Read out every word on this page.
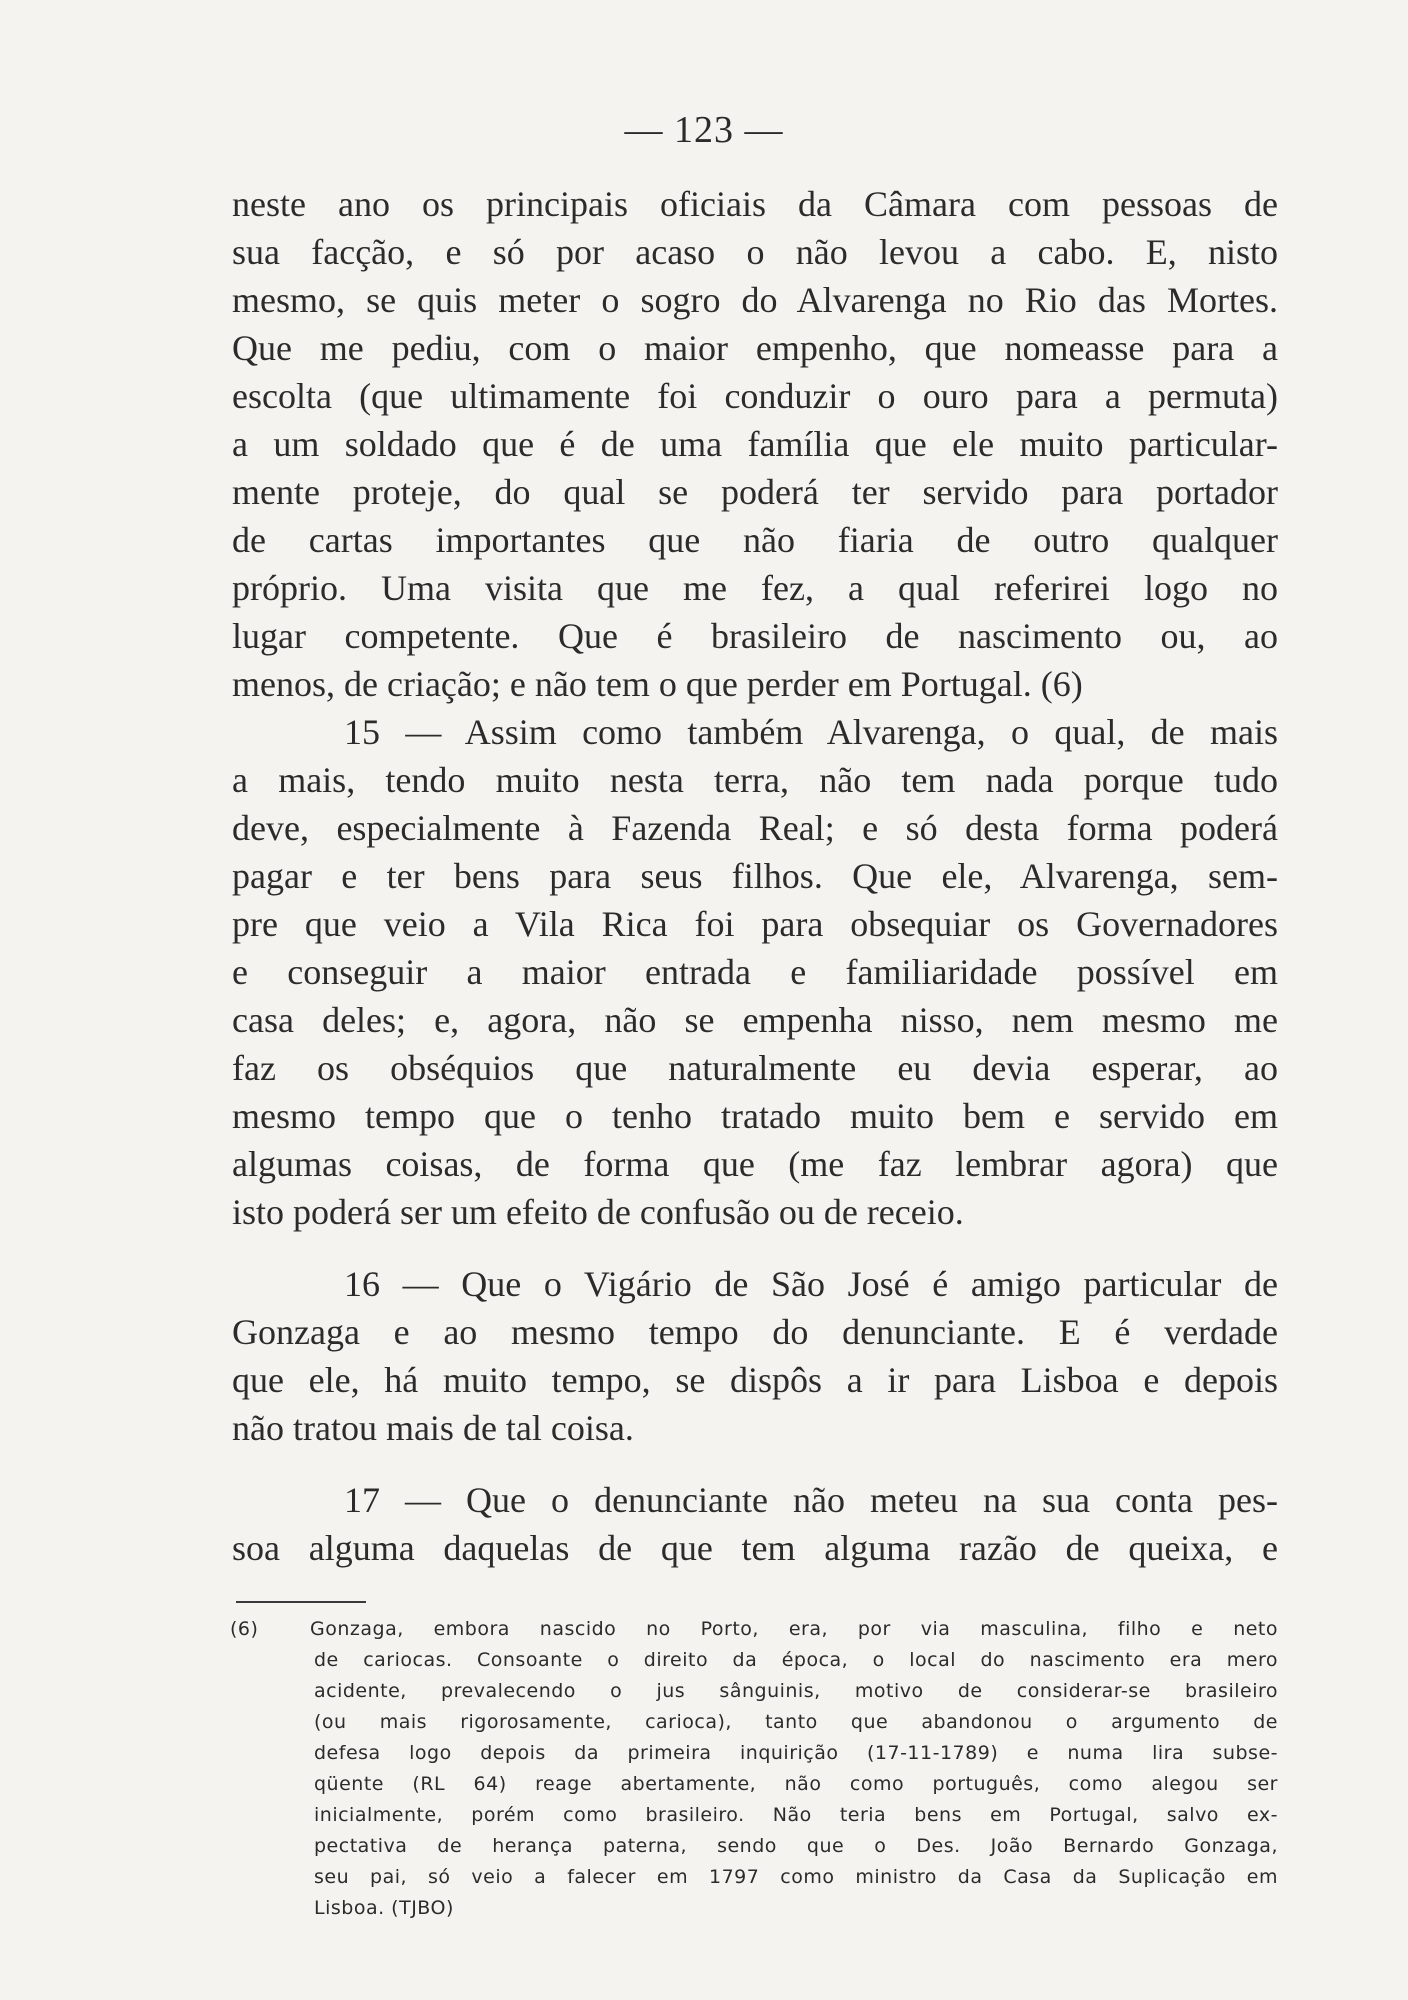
— 123 —
neste ano os principais oficiais da Câmara com pessoas de
sua facção, e só por acaso o não levou a cabo. E, nisto
mesmo, se quis meter o sogro do Alvarenga no Rio das Mortes.
Que me pediu, com o maior empenho, que nomeasse para a
escolta (que ultimamente foi conduzir o ouro para a permuta)
a um soldado que é de uma família que ele muito particular-
mente proteje, do qual se poderá ter servido para portador
de cartas importantes que não fiaria de outro qualquer
próprio. Uma visita que me fez, a qual referirei logo no
lugar competente. Que é brasileiro de nascimento ou, ao
menos, de criação; e não tem o que perder em Portugal. (6)
15 — Assim como também Alvarenga, o qual, de mais
a mais, tendo muito nesta terra, não tem nada porque tudo
deve, especialmente à Fazenda Real; e só desta forma poderá
pagar e ter bens para seus filhos. Que ele, Alvarenga, sem-
pre que veio a Vila Rica foi para obsequiar os Governadores
e conseguir a maior entrada e familiaridade possível em
casa deles; e, agora, não se empenha nisso, nem mesmo me
faz os obséquios que naturalmente eu devia esperar, ao
mesmo tempo que o tenho tratado muito bem e servido em
algumas coisas, de forma que (me faz lembrar agora) que
isto poderá ser um efeito de confusão ou de receio.
16 — Que o Vigário de São José é amigo particular de
Gonzaga e ao mesmo tempo do denunciante. E é verdade
que ele, há muito tempo, se dispôs a ir para Lisboa e depois
não tratou mais de tal coisa.
17 — Que o denunciante não meteu na sua conta pes-
soa alguma daquelas de que tem alguma razão de queixa, e
(6)	Gonzaga, embora nascido no Porto, era, por via masculina, filho e neto
de cariocas. Consoante o direito da época, o local do nascimento era mero
acidente, prevalecendo o jus sânguinis, motivo de considerar-se brasileiro
(ou mais rigorosamente, carioca), tanto que abandonou o argumento de
defesa logo depois da primeira inquirição (17-11-1789) e numa lira subse-
qüente (RL 64) reage abertamente, não como português, como alegou ser
inicialmente, porém como brasileiro. Não teria bens em Portugal, salvo ex-
pectativa de herança paterna, sendo que o Des. João Bernardo Gonzaga,
seu pai, só veio a falecer em 1797 como ministro da Casa da Suplicação em
Lisboa. (TJBO)
